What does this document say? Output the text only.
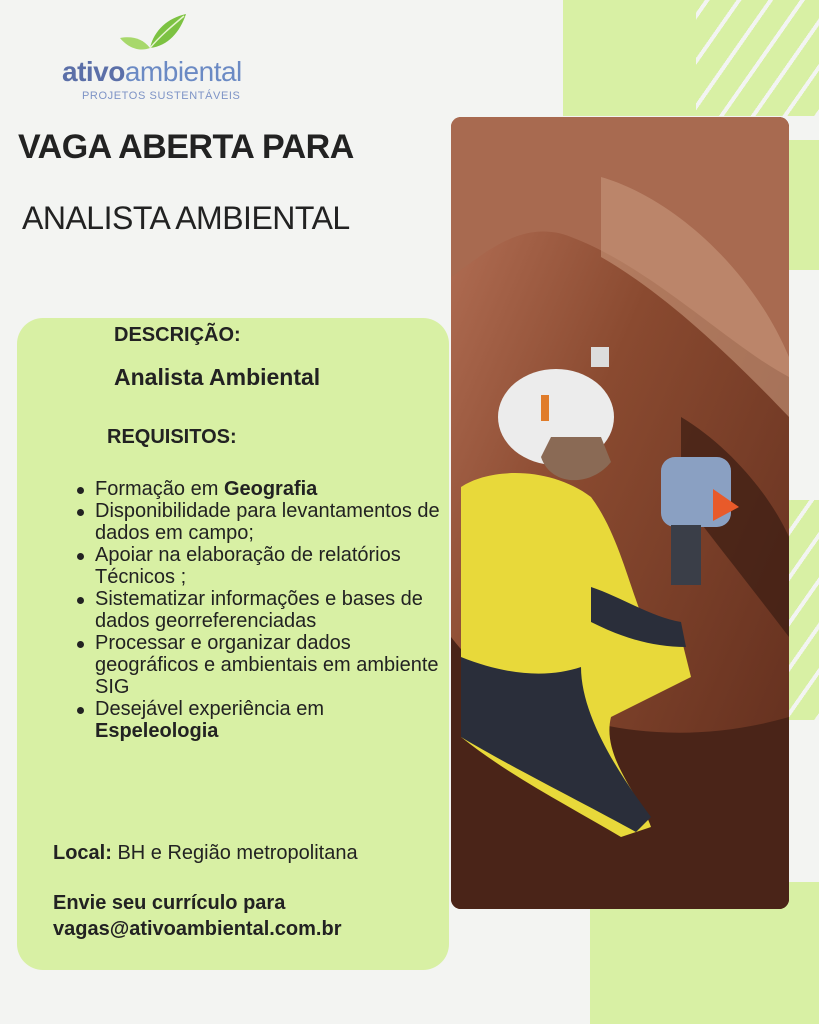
ativoambiental
PROJETOS SUSTENTÁVEIS
VAGA ABERTA PARA
ANALISTA AMBIENTAL
DESCRIÇÃO:
Analista Ambiental
REQUISITOS:
Formação em Geografia
Disponibilidade para levantamentos de dados em campo;
Apoiar na elaboração de relatórios Técnicos ;
Sistematizar informações e bases de dados georreferenciadas
Processar e organizar dados geográficos e ambientais em ambiente SIG
Desejável experiência em Espeleologia
Local: BH e Região metropolitana
Envie seu currículo para
vagas@ativoambiental.com.br
